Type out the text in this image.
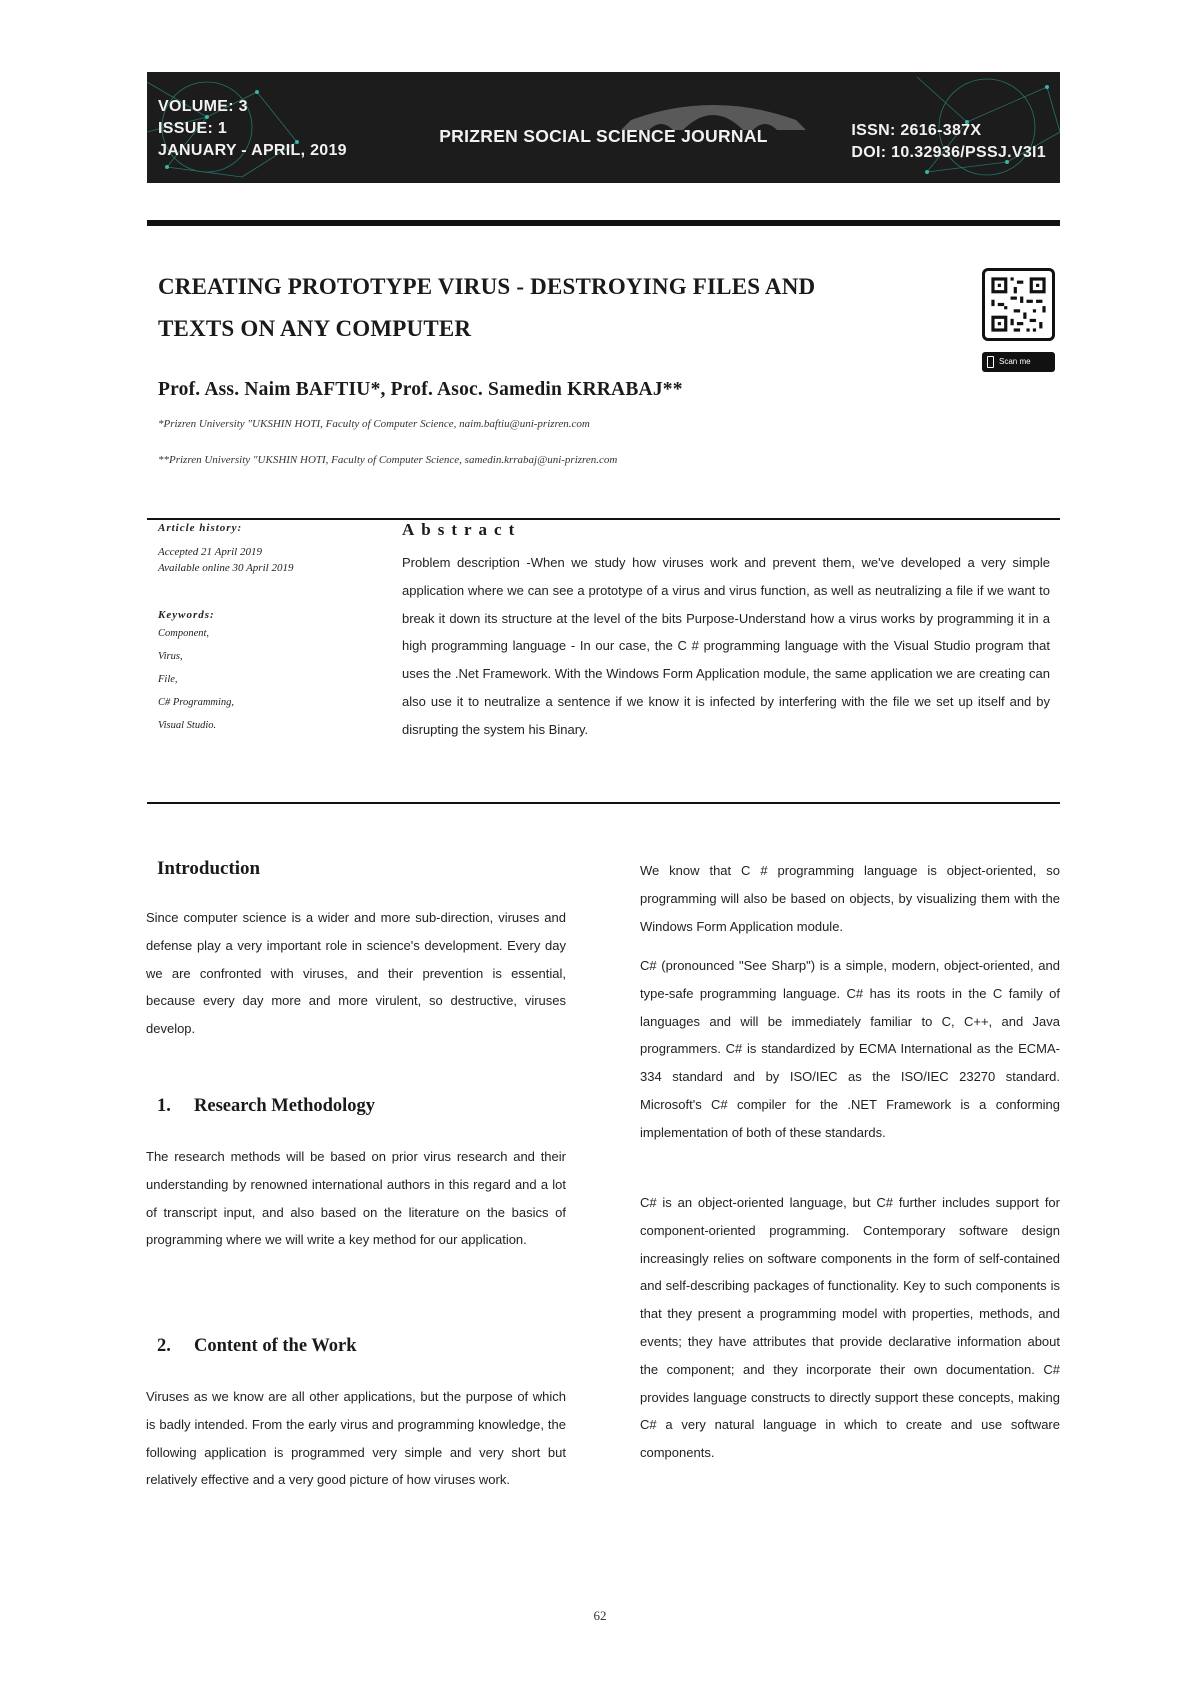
VOLUME: 3
ISSUE: 1
JANUARY - APRIL, 2019
PRIZREN SOCIAL SCIENCE JOURNAL	ISSN: 2616-387X
DOI: 10.32936/PSSJ.V3I1
CREATING PROTOTYPE VIRUS - DESTROYING FILES AND
TEXTS ON ANY COMPUTER
Scan me
Prof. Ass. Naim BAFTIU*, Prof. Asoc. Samedin KRRABAJ**
*Prizren University "UKSHIN HOTI, Faculty of Computer Science, naim.baftiu@uni-prizren.com
**Prizren University "UKSHIN HOTI, Faculty of Computer Science, samedin.krrabaj@uni-prizren.com
Article history:
Accepted 21 April 2019
Available online 30 April 2019
Keywords:
Component,
Virus,
File,
C# Programming,
Visual Studio.
Abstract
Problem description -When we study how viruses work and prevent them, we've developed a very simple application where we can see a prototype of a virus and virus function, as well as neutralizing a file if we want to break it down its structure at the level of the bits Purpose-Understand how a virus works by programming it in a high programming language - In our case, the C # programming language with the Visual Studio program that uses the .Net Framework. With the Windows Form Application module, the same application we are creating can also use it to neutralize a sentence if we know it is infected by interfering with the file we set up itself and by disrupting the system his Binary.
Introduction
Since computer science is a wider and more sub-direction, viruses and defense play a very important role in science's development. Every day we are confronted with viruses, and their prevention is essential, because every day more and more virulent, so destructive, viruses develop.
1. Research Methodology
The research methods will be based on prior virus research and their understanding by renowned international authors in this regard and a lot of transcript input, and also based on the literature on the basics of programming where we will write a key method for our application.
2. Content of the Work
Viruses as we know are all other applications, but the purpose of which is badly intended. From the early virus and programming knowledge, the following application is programmed very simple and very short but relatively effective and a very good picture of how viruses work.
We know that C # programming language is object-oriented, so programming will also be based on objects, by visualizing them with the Windows Form Application module.
C# (pronounced "See Sharp") is a simple, modern, object-oriented, and type-safe programming language. C# has its roots in the C family of languages and will be immediately familiar to C, C++, and Java programmers. C# is standardized by ECMA International as the ECMA-334 standard and by ISO/IEC as the ISO/IEC 23270 standard. Microsoft's C# compiler for the .NET Framework is a conforming implementation of both of these standards.
C# is an object-oriented language, but C# further includes support for component-oriented programming. Contemporary software design increasingly relies on software components in the form of self-contained and self-describing packages of functionality. Key to such components is that they present a programming model with properties, methods, and events; they have attributes that provide declarative information about the component; and they incorporate their own documentation. C# provides language constructs to directly support these concepts, making C# a very natural language in which to create and use software components.
62
